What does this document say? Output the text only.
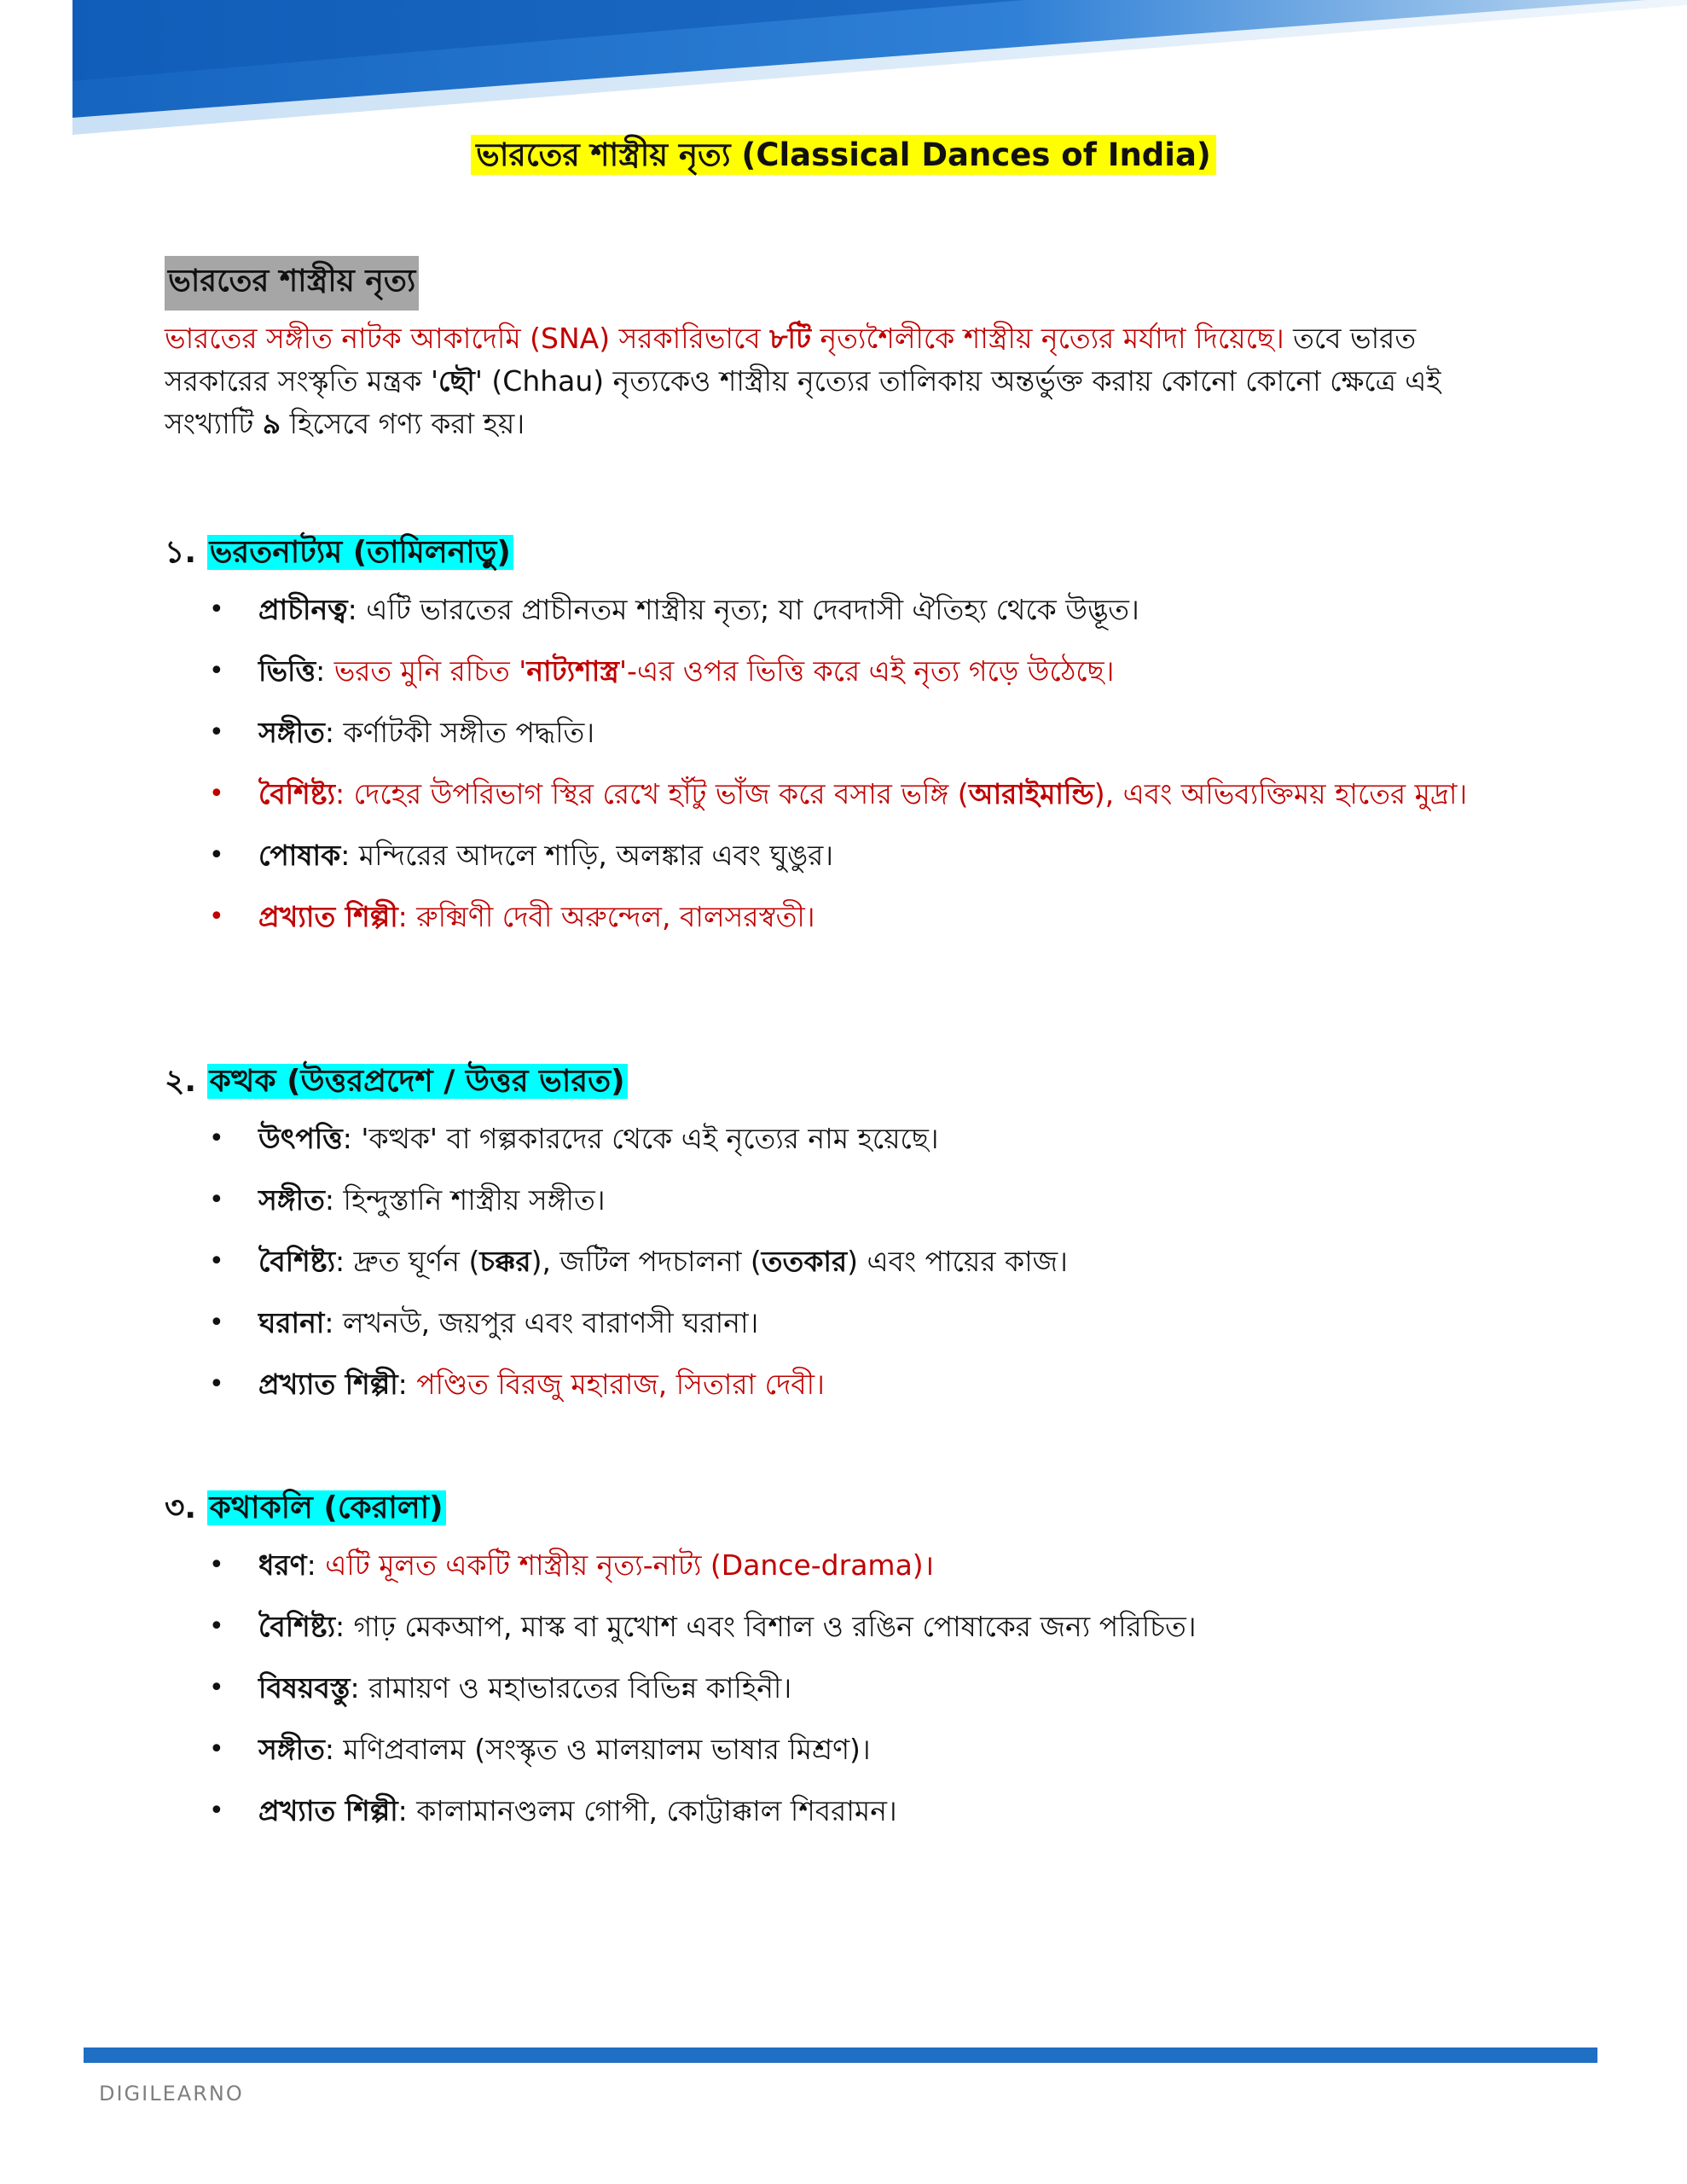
ভারতের শাস্ত্রীয় নৃত্য (Classical Dances of India)
ভারতের শাস্ত্রীয় নৃত্য
ভারতের সঙ্গীত নাটক আকাদেমি (SNA) সরকারিভাবে ৮টি নৃত্যশৈলীকে শাস্ত্রীয় নৃত্যের মর্যাদা দিয়েছে। তবে ভারত সরকারের সংস্কৃতি মন্ত্রক 'ছৌ' (Chhau) নৃত্যকেও শাস্ত্রীয় নৃত্যের তালিকায় অন্তর্ভুক্ত করায় কোনো কোনো ক্ষেত্রে এই সংখ্যাটি ৯ হিসেবে গণ্য করা হয়।
১. ভরতনাট্যম (তামিলনাড়ু)
• প্রাচীনত্ব: এটি ভারতের প্রাচীনতম শাস্ত্রীয় নৃত্য; যা দেবদাসী ঐতিহ্য থেকে উদ্ভূত।
• ভিত্তি: ভরত মুনি রচিত 'নাট্যশাস্ত্র'-এর ওপর ভিত্তি করে এই নৃত্য গড়ে উঠেছে।
• সঙ্গীত: কর্ণাটকী সঙ্গীত পদ্ধতি।
• বৈশিষ্ট্য: দেহের উপরিভাগ স্থির রেখে হাঁটু ভাঁজ করে বসার ভঙ্গি (আরাইমান্ডি), এবং অভিব্যক্তিময় হাতের মুদ্রা।
• পোষাক: মন্দিরের আদলে শাড়ি, অলঙ্কার এবং ঘুঙুর।
• প্রখ্যাত শিল্পী: রুক্মিণী দেবী অরুন্দেল, বালসরস্বতী।
২. কত্থক (উত্তরপ্রদেশ / উত্তর ভারত)
• উৎপত্তি: 'কত্থক' বা গল্পকারদের থেকে এই নৃত্যের নাম হয়েছে।
• সঙ্গীত: হিন্দুস্তানি শাস্ত্রীয় সঙ্গীত।
• বৈশিষ্ট্য: দ্রুত ঘূর্ণন (চক্কর), জটিল পদচালনা (ততকার) এবং পায়ের কাজ।
• ঘরানা: লখনউ, জয়পুর এবং বারাণসী ঘরানা।
• প্রখ্যাত শিল্পী: পণ্ডিত বিরজু মহারাজ, সিতারা দেবী।
৩. কথাকলি (কেরালা)
• ধরণ: এটি মূলত একটি শাস্ত্রীয় নৃত্য-নাট্য (Dance-drama)।
• বৈশিষ্ট্য: গাঢ় মেকআপ, মাস্ক বা মুখোশ এবং বিশাল ও রঙিন পোষাকের জন্য পরিচিত।
• বিষয়বস্তু: রামায়ণ ও মহাভারতের বিভিন্ন কাহিনী।
• সঙ্গীত: মণিপ্রবালম (সংস্কৃত ও মালয়ালম ভাষার মিশ্রণ)।
• প্রখ্যাত শিল্পী: কালামানণ্ডলম গোপী, কোট্টাক্কাল শিবরামন।
DIGILEARNO
